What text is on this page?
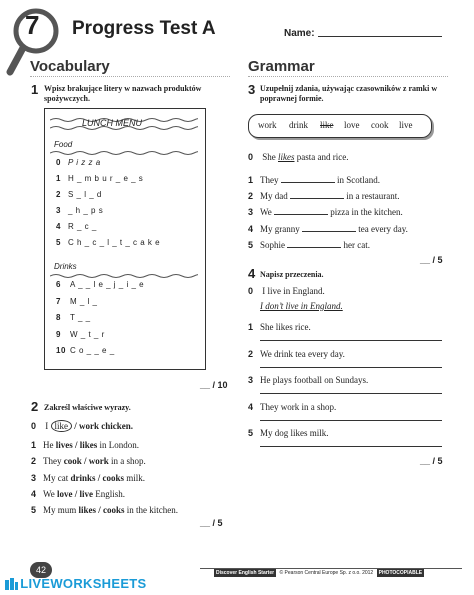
7 Progress Test A	Name:
Vocabulary	Grammar
1 Wpisz brakujące litery w nazwach produktów spożywczych.
LUNCH MENU
Food
0 P i z z a
1 H _ m b u r _ e _ s
2 S _ l _ d
3 _ h _ p s
4 R _ c _
5 C h _ c _ l _ t _ c a k e
Drinks
6 A _ _ l e _ j _ i _ e
7 M _ l _
8 T _ _
9 W _ t _ r
10 C o _ _ e _
__ / 10
2 Zakreśl właściwe wyrazy.
0 I like / work chicken.
1 He lives / likes in London.
2 They cook / work in a shop.
3 My cat drinks / cooks milk.
4 We love / live English.
5 My mum likes / cooks in the kitchen.
__ / 5
3 Uzupełnij zdania, używając czasowników z ramki w poprawnej formie.
work drink like love cook live
0 She likes pasta and rice.
1 They	in Scotland.
2 My dad	in a restaurant.
3 We	pizza in the kitchen.
4 My granny	tea every day.
5 Sophie	her cat.
__ / 5
4 Napisz przeczenia.
0 I live in England.
I don’t live in England.
1 She likes rice.
2 We drink tea every day.
3 He plays football on Sundays.
4 They work in a shop.
5 My dog likes milk.
__ / 5
42	Discover English Starter © Pearson Central Europe Sp. z o.o. 2012 PHOTOCOPIABLE
LIVEWORKSHEETS
